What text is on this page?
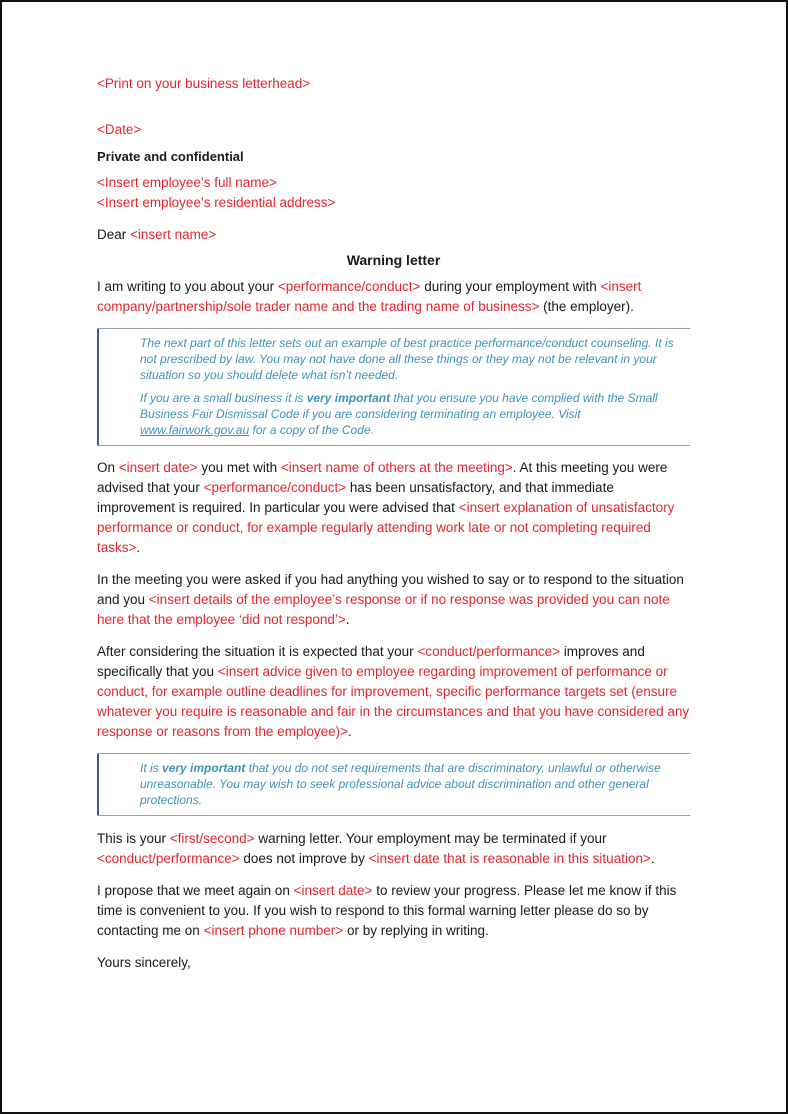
<Print on your business letterhead>

<Date>

Private and confidential

<Insert employee’s full name>

<Insert employee’s residential address>

Dear <insert name>

Warning letter

I am writing to you about your <performance/conduct> during your employment with <insert company/partnership/sole trader name and the trading name of business> (the employer).

The next part of this letter sets out an example of best practice performance/conduct counseling. It is not prescribed by law. You may not have done all these things or they may not be relevant in your situation so you should delete what isn’t needed.

If you are a small business it is very important that you ensure you have complied with the Small Business Fair Dismissal Code if you are considering terminating an employee. Visit www.fairwork.gov.au for a copy of the Code.

On <insert date> you met with <insert name of others at the meeting>. At this meeting you were advised that your <performance/conduct> has been unsatisfactory, and that immediate improvement is required. In particular you were advised that <insert explanation of unsatisfactory performance or conduct, for example regularly attending work late or not completing required tasks>.

In the meeting you were asked if you had anything you wished to say or to respond to the situation and you <insert details of the employee’s response or if no response was provided you can note here that the employee ‘did not respond’>.

After considering the situation it is expected that your <conduct/performance> improves and specifically that you <insert advice given to employee regarding improvement of performance or conduct, for example outline deadlines for improvement, specific performance targets set (ensure whatever you require is reasonable and fair in the circumstances and that you have considered any response or reasons from the employee)>.

It is very important that you do not set requirements that are discriminatory, unlawful or otherwise unreasonable. You may wish to seek professional advice about discrimination and other general protections.

This is your <first/second> warning letter. Your employment may be terminated if your <conduct/performance> does not improve by <insert date that is reasonable in this situation>.

I propose that we meet again on <insert date> to review your progress. Please let me know if this time is convenient to you. If you wish to respond to this formal warning letter please do so by contacting me on <insert phone number> or by replying in writing.

Yours sincerely,
